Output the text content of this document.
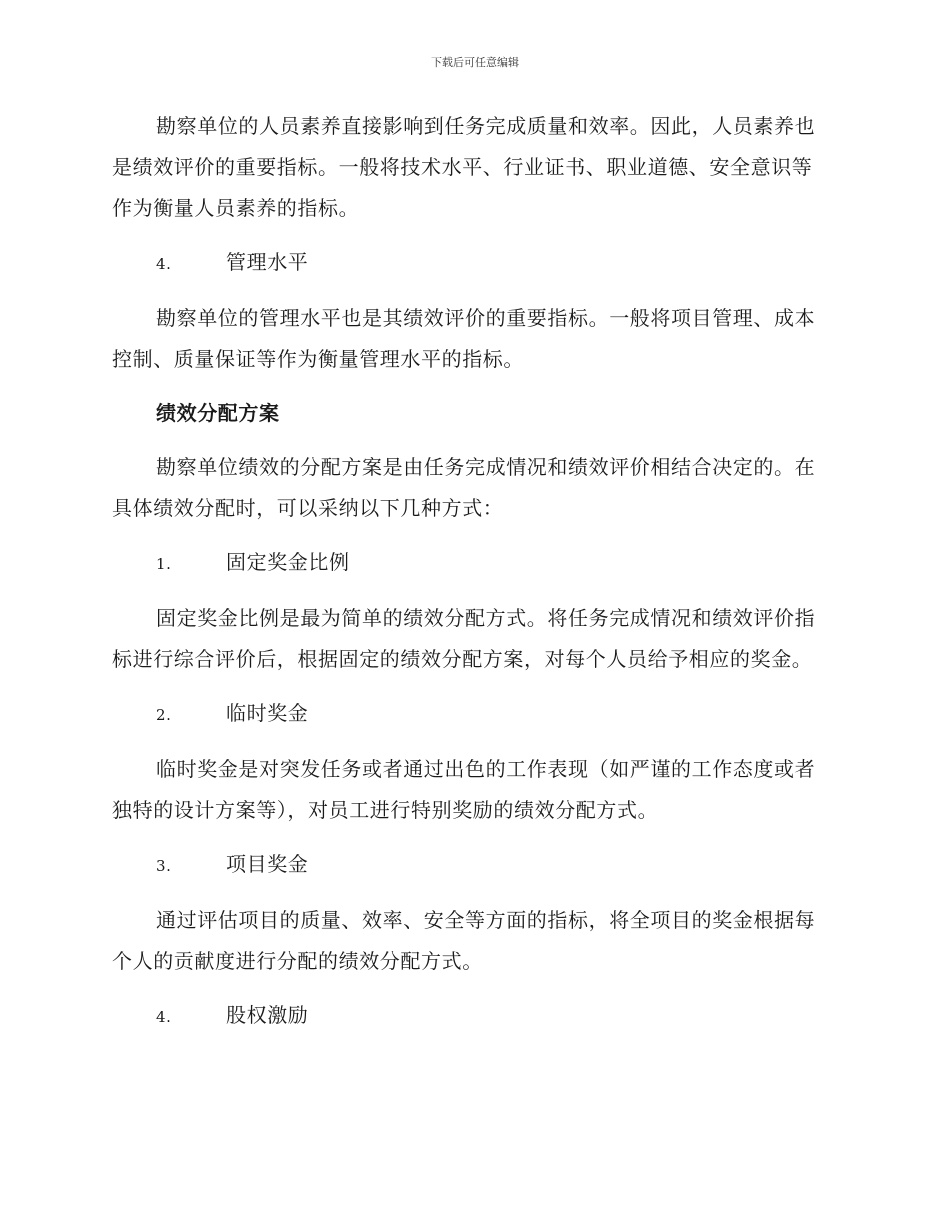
下载后可任意编辑

勘察单位的人员素养直接影响到任务完成质量和效率。因此，人员素养也是绩效评价的重要指标。一般将技术水平、行业证书、职业道德、安全意识等作为衡量人员素养的指标。

4.	管理水平

勘察单位的管理水平也是其绩效评价的重要指标。一般将项目管理、成本控制、质量保证等作为衡量管理水平的指标。

绩效分配方案

勘察单位绩效的分配方案是由任务完成情况和绩效评价相结合决定的。在具体绩效分配时，可以采纳以下几种方式：

1.	固定奖金比例

固定奖金比例是最为简单的绩效分配方式。将任务完成情况和绩效评价指标进行综合评价后，根据固定的绩效分配方案，对每个人员给予相应的奖金。

2.	临时奖金

临时奖金是对突发任务或者通过出色的工作表现（如严谨的工作态度或者独特的设计方案等），对员工进行特别奖励的绩效分配方式。

3.	项目奖金

通过评估项目的质量、效率、安全等方面的指标，将全项目的奖金根据每个人的贡献度进行分配的绩效分配方式。

4.	股权激励
